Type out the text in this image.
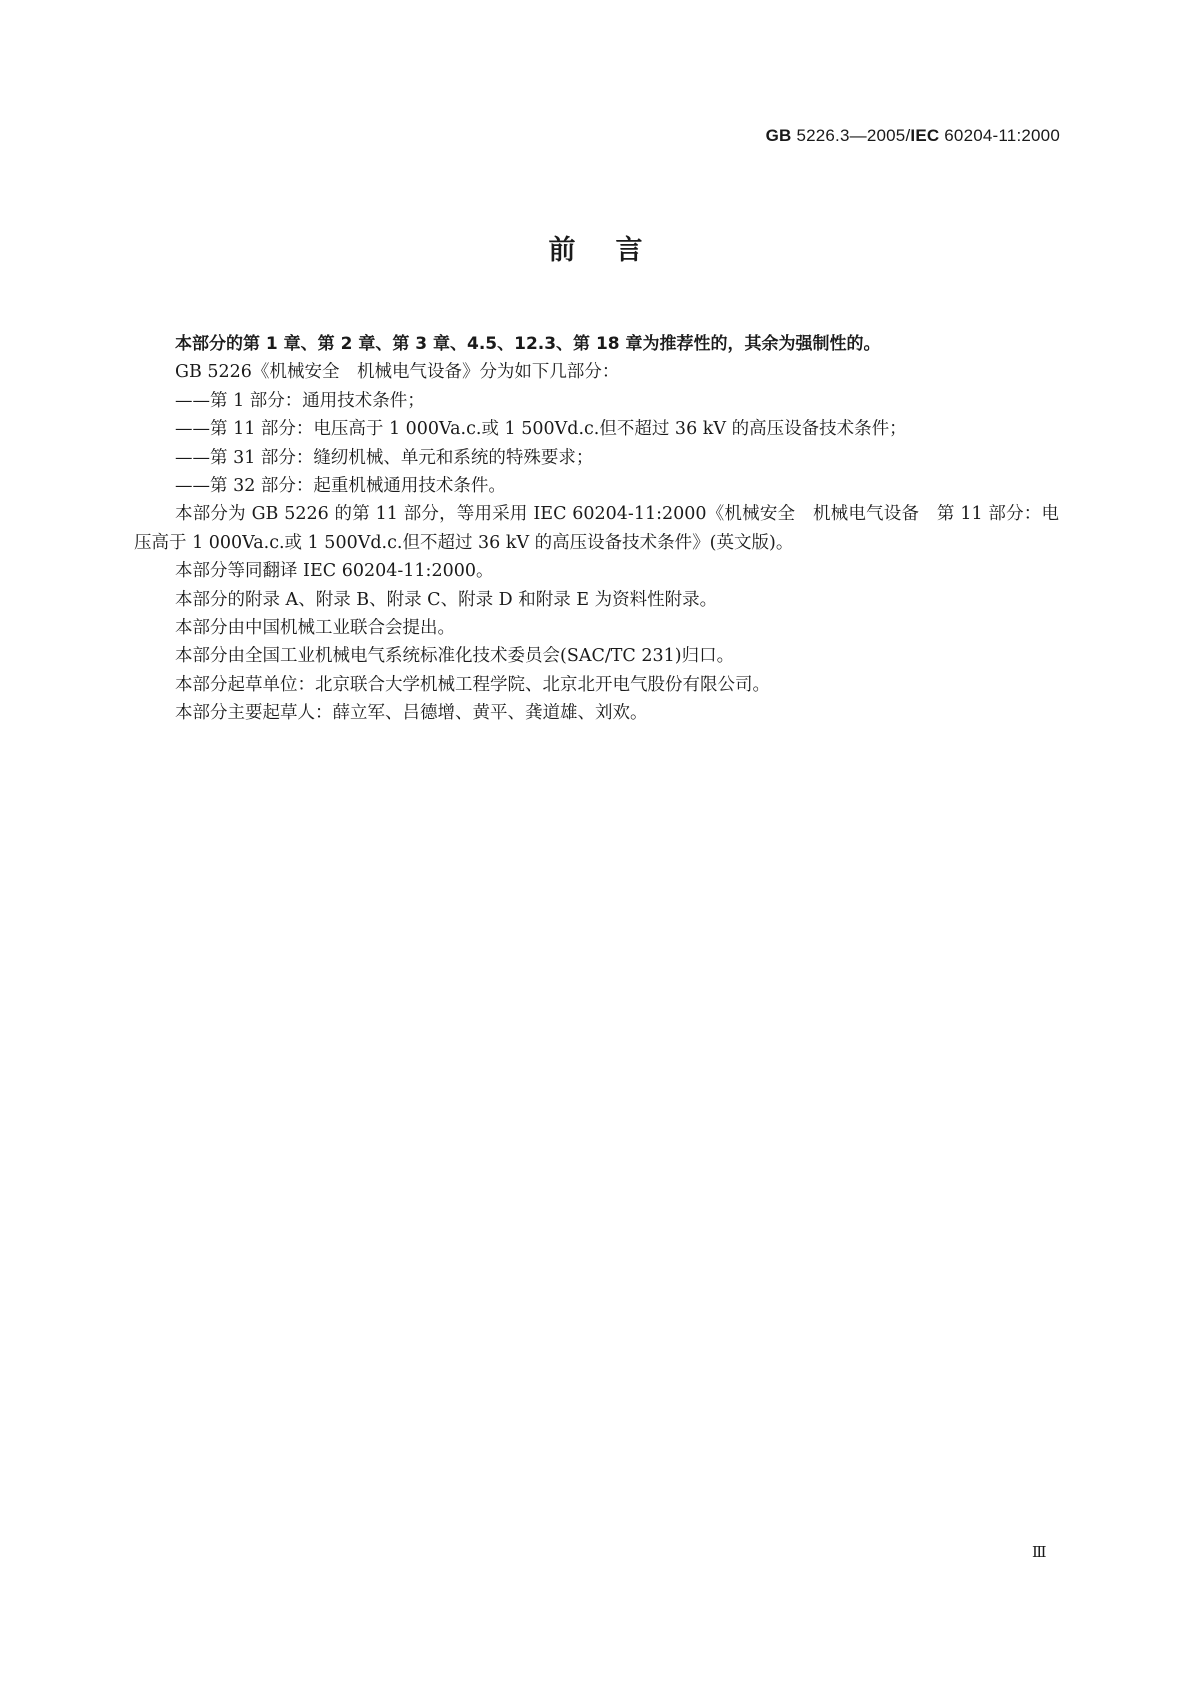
GB 5226.3—2005/IEC 60204-11:2000
前言

本部分的第 1 章、第 2 章、第 3 章、4.5、12.3、第 18 章为推荐性的，其余为强制性的。

GB 5226《机械安全　机械电气设备》分为如下几部分：

——第 1 部分：通用技术条件；

——第 11 部分：电压高于 1 000Va.c.或 1 500Vd.c.但不超过 36 kV 的高压设备技术条件；

——第 31 部分：缝纫机械、单元和系统的特殊要求；

——第 32 部分：起重机械通用技术条件。

本部分为 GB 5226 的第 11 部分，等用采用 IEC 60204-11:2000《机械安全　机械电气设备　第 11 部分：电压高于 1 000Va.c.或 1 500Vd.c.但不超过 36 kV 的高压设备技术条件》(英文版)。

本部分等同翻译 IEC 60204-11:2000。

本部分的附录 A、附录 B、附录 C、附录 D 和附录 E 为资料性附录。

本部分由中国机械工业联合会提出。

本部分由全国工业机械电气系统标准化技术委员会(SAC/TC 231)归口。

本部分起草单位：北京联合大学机械工程学院、北京北开电气股份有限公司。

本部分主要起草人：薛立军、吕德增、黄平、龚道雄、刘欢。

Ⅲ
